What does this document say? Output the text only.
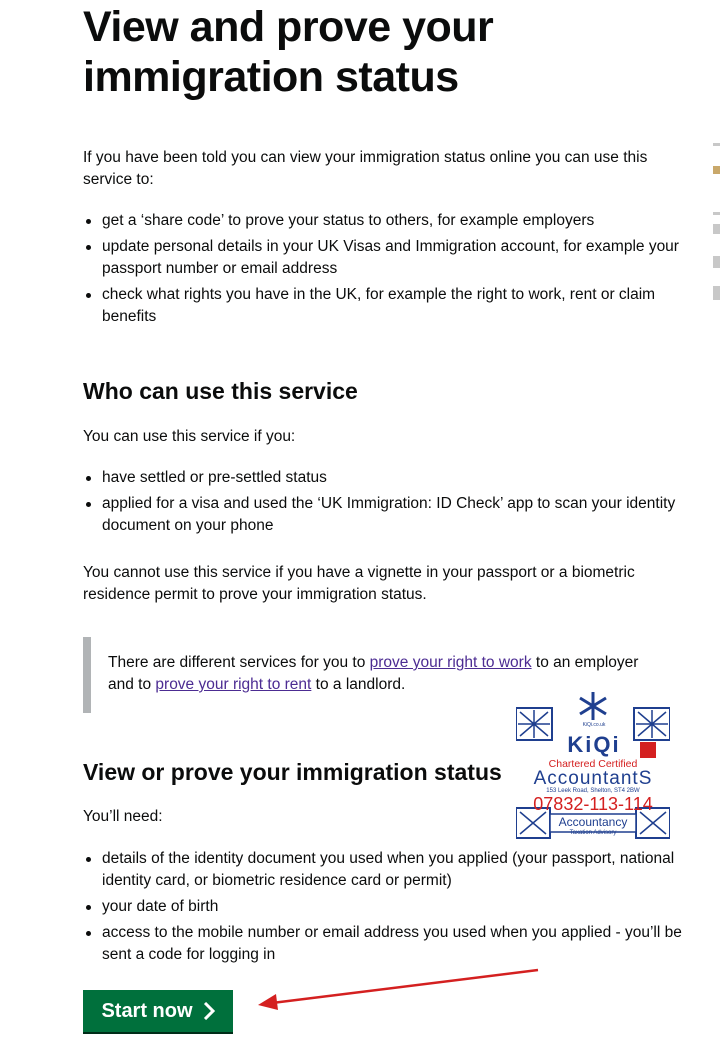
View and prove your immigration status

If you have been told you can view your immigration status online you can use this service to:

get a ‘share code’ to prove your status to others, for example employers
update personal details in your UK Visas and Immigration account, for example your passport number or email address
check what rights you have in the UK, for example the right to work, rent or claim benefits
Who can use this service

You can use this service if you:

have settled or pre-settled status
applied for a visa and used the ‘UK Immigration: ID Check’ app to scan your identity document on your phone

You cannot use this service if you have a vignette in your passport or a biometric residence permit to prove your immigration status.

There are different services for you to prove your right to work to an employer and to prove your right to rent to a landlord.

View or prove your immigration status

You’ll need:

details of the identity document you used when you applied (your passport, national identity card, or biometric residence card or permit)
your date of birth
access to the mobile number or email address you used when you applied - you’ll be sent a code for logging in
Start now
KiQi.co.uk
KiQi
Chartered Certified
AccountantS
153 Leek Road, Shelton, ST4 2BW
07832-113-114
Accountancy
Taxation Advisory
